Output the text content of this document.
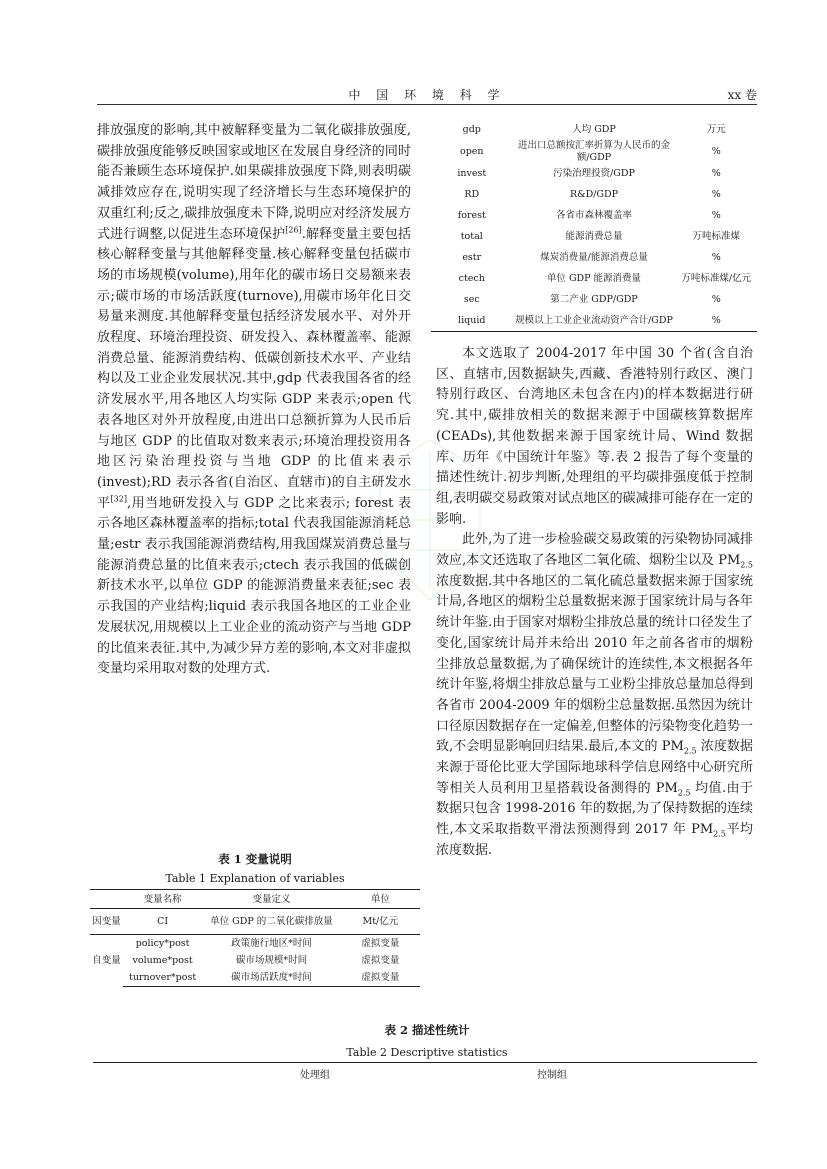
中 国 环 境 科 学	xx 卷

排放强度的影响,其中被解释变量为二氧化碳排放强度,碳排放强度能够反映国家或地区在发展自身经济的同时能否兼顾生态环境保护.如果碳排放强度下降,则表明碳减排效应存在,说明实现了经济增长与生态环境保护的双重红利;反之,碳排放强度未下降,说明应对经济发展方式进行调整,以促进生态环境保护[26].解释变量主要包括核心解释变量与其他解释变量.核心解释变量包括碳市场的市场规模(volume),用年化的碳市场日交易额来表示;碳市场的市场活跃度(turnove),用碳市场年化日交易量来测度.其他解释变量包括经济发展水平、对外开放程度、环境治理投资、研发投入、森林覆盖率、能源消费总量、能源消费结构、低碳创新技术水平、产业结构以及工业企业发展状况.其中,gdp 代表我国各省的经济发展水平,用各地区人均实际 GDP 来表示;open 代表各地区对外开放程度,由进出口总额折算为人民币后与地区 GDP 的比值取对数来表示;环境治理投资用各地区污染治理投资与当地 GDP 的比值来表示(invest);RD 表示各省(自治区、直辖市)的自主研发水平[32],用当地研发投入与 GDP 之比来表示; forest 表示各地区森林覆盖率的指标;total 代表我国能源消耗总量;estr 表示我国能源消费结构,用我国煤炭消费总量与能源消费总量的比值来表示;ctech 表示我国的低碳创新技术水平,以单位 GDP 的能源消费量来表征;sec 表示我国的产业结构;liquid 表示我国各地区的工业企业发展状况,用规模以上工业企业的流动资产与当地 GDP 的比值来表征.其中,为减少异方差的影响,本文对非虚拟变量均采用取对数的处理方式.

gdp	人均 GDP	万元
open	进出口总额按汇率折算为人民币的金额/GDP	%
invest	污染治理投资/GDP	%
RD	R&D/GDP	%
forest	各省市森林覆盖率	%
total	能源消费总量	万吨标准煤
estr	煤炭消费量/能源消费总量	%
ctech	单位 GDP 能源消费量	万吨标准煤/亿元
sec	第二产业 GDP/GDP	%
liquid	规模以上工业企业流动资产合计/GDP	%

本文选取了 2004-2017 年中国 30 个省(含自治区、直辖市,因数据缺失,西藏、香港特别行政区、澳门特别行政区、台湾地区未包含在内)的样本数据进行研究.其中,碳排放相关的数据来源于中国碳核算数据库(CEADs),其他数据来源于国家统计局、Wind 数据库、历年《中国统计年鉴》等.表 2 报告了每个变量的描述性统计.初步判断,处理组的平均碳排强度低于控制组,表明碳交易政策对试点地区的碳减排可能存在一定的影响.

此外,为了进一步检验碳交易政策的污染物协同减排效应,本文还选取了各地区二氧化硫、烟粉尘以及 $PM_{2.5}$ 浓度数据.其中各地区的二氧化硫总量数据来源于国家统计局,各地区的烟粉尘总量数据来源于国家统计局与各年统计年鉴.由于国家对烟粉尘排放总量的统计口径发生了变化,国家统计局并未给出 2010 年之前各省市的烟粉尘排放总量数据,为了确保统计的连续性,本文根据各年统计年鉴,将烟尘排放总量与工业粉尘排放总量加总得到各省市 2004-2009 年的烟粉尘总量数据.虽然因为统计口径原因数据存在一定偏差,但整体的污染物变化趋势一致,不会明显影响回归结果.最后,本文的 $PM_{2.5}$ 浓度数据来源于哥伦比亚大学国际地球科学信息网络中心研究所等相关人员利用卫星搭载设备测得的 $PM_{2.5}$ 均值.由于数据只包含 1998-2016 年的数据,为了保持数据的连续性,本文采取指数平滑法预测得到 2017 年 $PM_{2.5}$平均浓度数据.

表 1 变量说明
Table 1 Explanation of variables
	变量名称	变量定义	单位
因变量	CI	单位 GDP 的二氧化碳排放量	Mt/亿元
自变量	policy*post	政策施行地区*时间	虚拟变量
	volume*post	碳市场规模*时间	虚拟变量
	turnover*post	碳市场活跃度*时间	虚拟变量
表 2 描述性统计
Table 2 Descriptive statistics
处理组	控制组
